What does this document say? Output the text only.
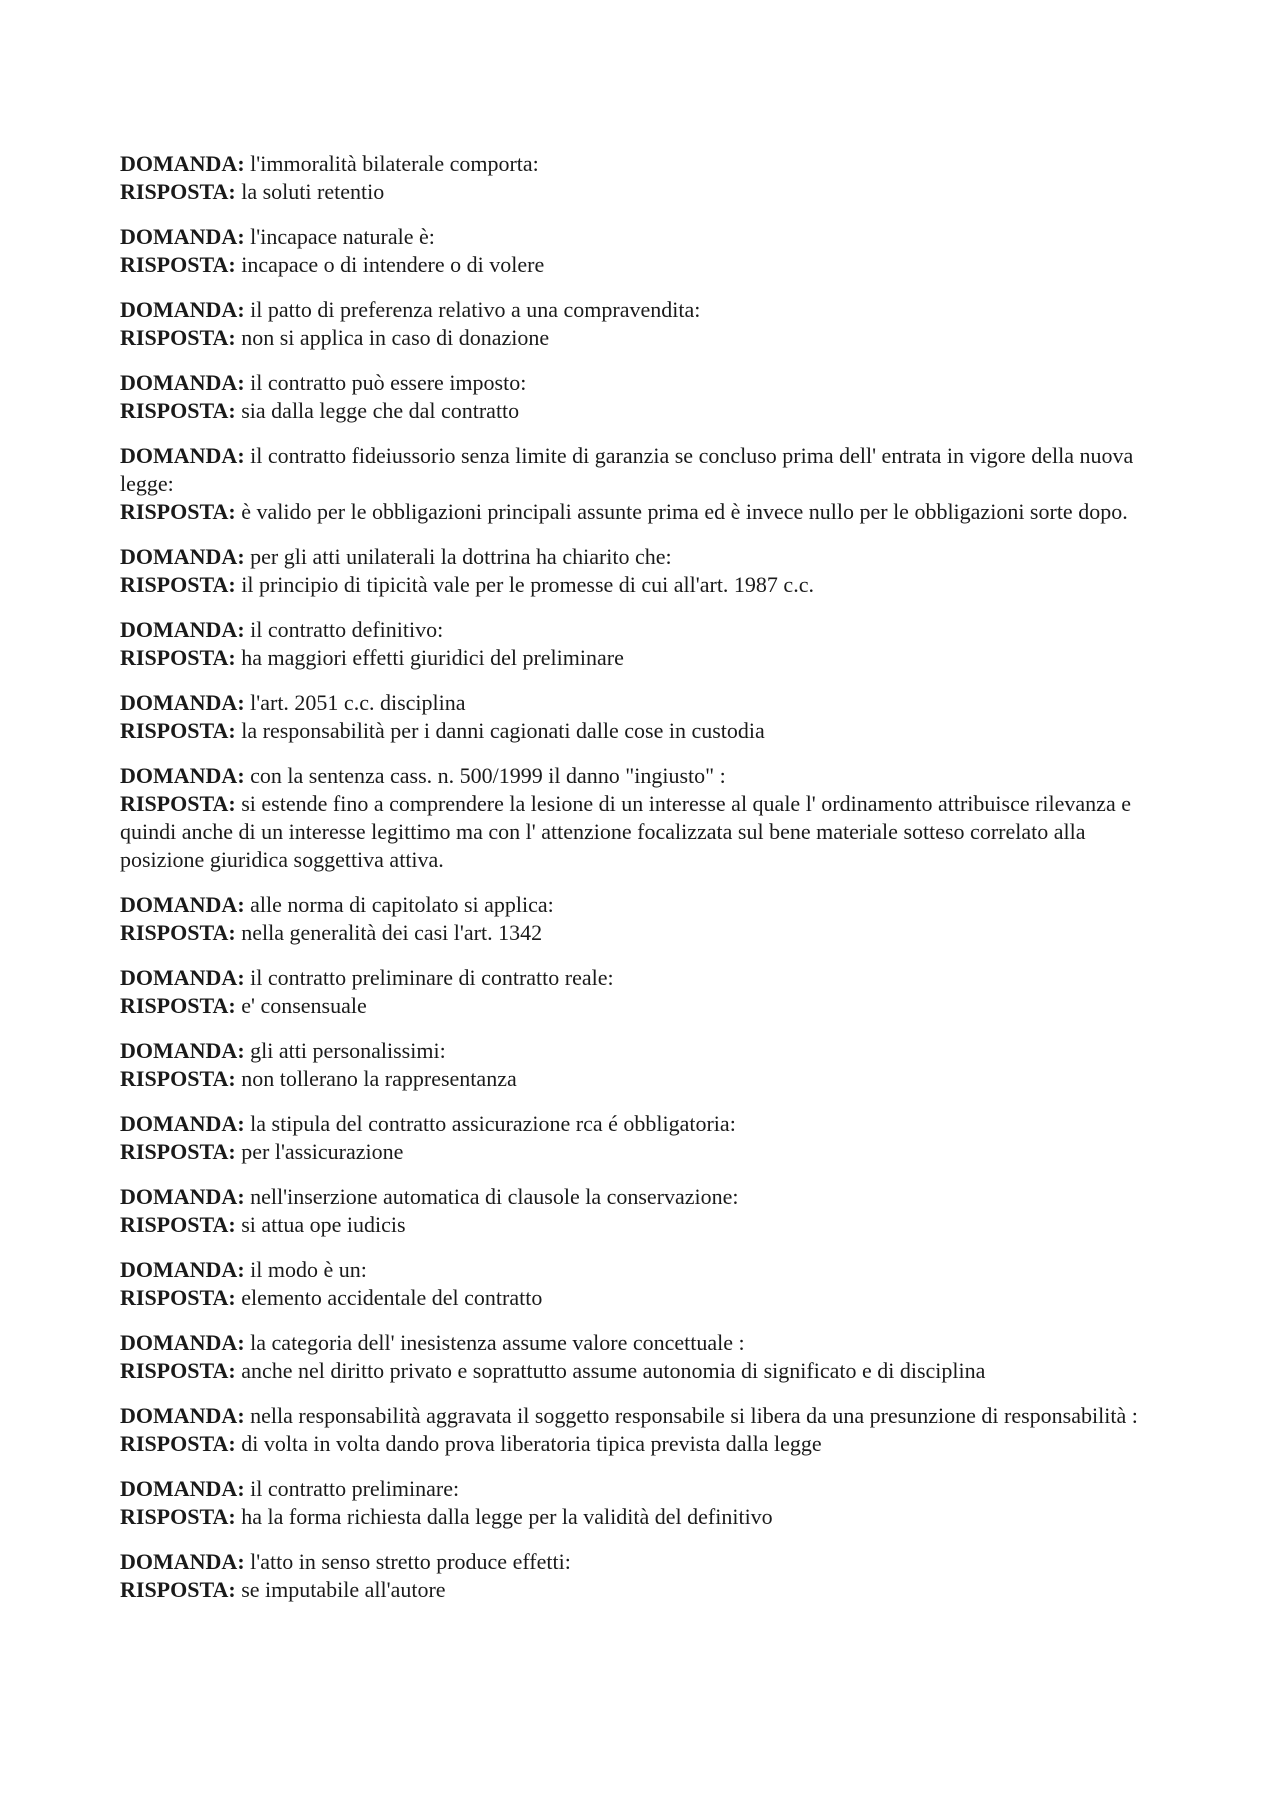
DOMANDA: l'immoralità bilaterale comporta:

RISPOSTA: la soluti retentio

DOMANDA: l'incapace naturale è:

RISPOSTA: incapace o di intendere o di volere

DOMANDA: il patto di preferenza relativo a una compravendita:

RISPOSTA: non si applica in caso di donazione

DOMANDA: il contratto può essere imposto:

RISPOSTA: sia dalla legge che dal contratto

DOMANDA: il contratto fideiussorio senza limite di garanzia se concluso prima dell' entrata in vigore della nuova legge:

RISPOSTA: è valido per le obbligazioni principali assunte prima ed è invece nullo per le obbligazioni sorte dopo.

DOMANDA: per gli atti unilaterali la dottrina ha chiarito che:

RISPOSTA: il principio di tipicità vale per le promesse di cui all'art. 1987 c.c.

DOMANDA: il contratto definitivo:

RISPOSTA: ha maggiori effetti giuridici del preliminare

DOMANDA: l'art. 2051 c.c. disciplina

RISPOSTA: la responsabilità per i danni cagionati dalle cose in custodia

DOMANDA: con la sentenza cass. n. 500/1999 il danno "ingiusto" :

RISPOSTA: si estende fino a comprendere la lesione di un interesse al quale l' ordinamento attribuisce rilevanza e quindi anche di un interesse legittimo ma con l' attenzione focalizzata sul bene materiale sotteso correlato alla posizione giuridica soggettiva attiva.

DOMANDA: alle norma di capitolato si applica:

RISPOSTA: nella generalità dei casi l'art. 1342

DOMANDA: il contratto preliminare di contratto reale:

RISPOSTA: e' consensuale

DOMANDA: gli atti personalissimi:

RISPOSTA: non tollerano la rappresentanza

DOMANDA: la stipula del contratto assicurazione rca é obbligatoria:

RISPOSTA: per l'assicurazione

DOMANDA: nell'inserzione automatica di clausole la conservazione:

RISPOSTA: si attua ope iudicis

DOMANDA: il modo è un:

RISPOSTA: elemento accidentale del contratto

DOMANDA: la categoria dell' inesistenza assume valore concettuale :

RISPOSTA: anche nel diritto privato e soprattutto assume autonomia di significato e di disciplina

DOMANDA: nella responsabilità aggravata il soggetto responsabile si libera da una presunzione di responsabilità :

RISPOSTA: di volta in volta dando prova liberatoria tipica prevista dalla legge

DOMANDA: il contratto preliminare:

RISPOSTA: ha la forma richiesta dalla legge per la validità del definitivo

DOMANDA: l'atto in senso stretto produce effetti:

RISPOSTA: se imputabile all'autore
